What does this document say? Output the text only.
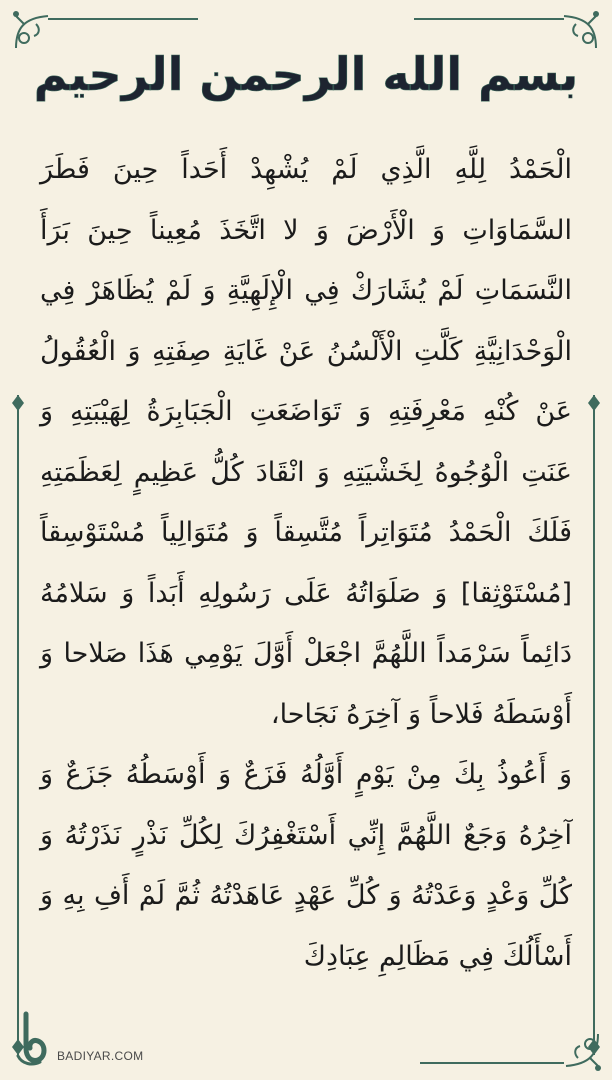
بسم الله الرحمن الرحيم

الْحَمْدُ لِلَّهِ الَّذِي لَمْ يُشْهِدْ أَحَداً حِينَ فَطَرَ السَّمَاوَاتِ وَ الْأَرْضَ وَ لا اتَّخَذَ مُعِيناً حِينَ بَرَأَ النَّسَمَاتِ لَمْ يُشَارَكْ فِي الْإِلَهِيَّةِ وَ لَمْ يُظَاهَرْ فِي الْوَحْدَانِيَّةِ كَلَّتِ الْأَلْسُنُ عَنْ غَايَةِ صِفَتِهِ وَ الْعُقُولُ عَنْ كُنْهِ مَعْرِفَتِهِ وَ تَوَاضَعَتِ الْجَبَابِرَةُ لِهَيْبَتِهِ وَ عَنَتِ الْوُجُوهُ لِخَشْيَتِهِ وَ انْقَادَ كُلُّ عَظِيمٍ لِعَظَمَتِهِ فَلَكَ الْحَمْدُ مُتَوَاتِراً مُتَّسِقاً وَ مُتَوَالِياً مُسْتَوْسِقاً [مُسْتَوْثِقا] وَ صَلَوَاتُهُ عَلَى رَسُولِهِ أَبَداً وَ سَلامُهُ دَائِماً سَرْمَداً اللَّهُمَّ اجْعَلْ أَوَّلَ يَوْمِي هَذَا صَلاحا وَ أَوْسَطَهُ فَلاحاً وَ آخِرَهُ نَجَاحا،

وَ أَعُوذُ بِكَ مِنْ يَوْمٍ أَوَّلُهُ فَزَعٌ وَ أَوْسَطُهُ جَزَعٌ وَ آخِرُهُ وَجَعٌ اللَّهُمَّ إِنِّي أَسْتَغْفِرُكَ لِكُلِّ نَذْرٍ نَذَرْتُهُ وَ كُلِّ وَعْدٍ وَعَدْتُهُ وَ كُلِّ عَهْدٍ عَاهَدْتُهُ ثُمَّ لَمْ أَفِ بِهِ وَ أَسْأَلُكَ فِي مَظَالِمِ عِبَادِكَ

BADIYAR.COM
